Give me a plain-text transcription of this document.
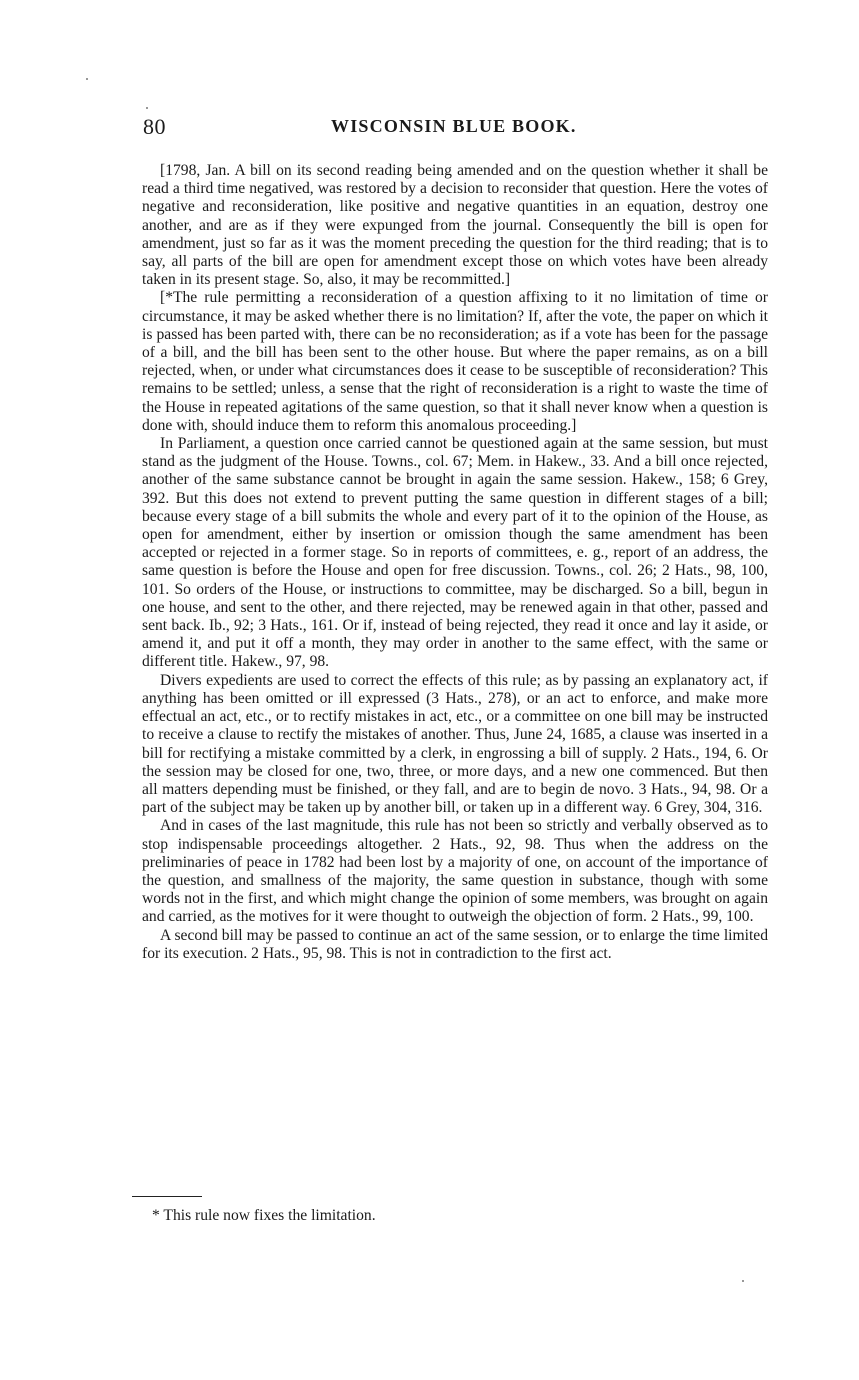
80	WISCONSIN BLUE BOOK.

[1798, Jan. A bill on its second reading being amended and on the question whether it shall be read a third time negatived, was restored by a decision to reconsider that question. Here the votes of negative and reconsideration, like positive and negative quantities in an equation, destroy one another, and are as if they were expunged from the journal. Consequently the bill is open for amendment, just so far as it was the moment preceding the question for the third reading; that is to say, all parts of the bill are open for amendment except those on which votes have been already taken in its present stage. So, also, it may be recommitted.]

[*The rule permitting a reconsideration of a question affixing to it no limitation of time or circumstance, it may be asked whether there is no limitation? If, after the vote, the paper on which it is passed has been parted with, there can be no reconsideration; as if a vote has been for the passage of a bill, and the bill has been sent to the other house. But where the paper remains, as on a bill rejected, when, or under what circumstances does it cease to be susceptible of reconsideration? This remains to be settled; unless, a sense that the right of reconsideration is a right to waste the time of the House in repeated agitations of the same question, so that it shall never know when a question is done with, should induce them to reform this anomalous proceeding.]

In Parliament, a question once carried cannot be questioned again at the same session, but must stand as the judgment of the House. Towns., col. 67; Mem. in Hakew., 33. And a bill once rejected, another of the same substance cannot be brought in again the same session. Hakew., 158; 6 Grey, 392. But this does not extend to prevent putting the same question in different stages of a bill; because every stage of a bill submits the whole and every part of it to the opinion of the House, as open for amendment, either by insertion or omission though the same amendment has been accepted or rejected in a former stage. So in reports of committees, e. g., report of an address, the same question is before the House and open for free discussion. Towns., col. 26; 2 Hats., 98, 100, 101. So orders of the House, or instructions to committee, may be discharged. So a bill, begun in one house, and sent to the other, and there rejected, may be renewed again in that other, passed and sent back. Ib., 92; 3 Hats., 161. Or if, instead of being rejected, they read it once and lay it aside, or amend it, and put it off a month, they may order in another to the same effect, with the same or different title. Hakew., 97, 98.

Divers expedients are used to correct the effects of this rule; as by passing an explanatory act, if anything has been omitted or ill expressed (3 Hats., 278), or an act to enforce, and make more effectual an act, etc., or to rectify mistakes in act, etc., or a committee on one bill may be instructed to receive a clause to rectify the mistakes of another. Thus, June 24, 1685, a clause was inserted in a bill for rectifying a mistake committed by a clerk, in engrossing a bill of supply. 2 Hats., 194, 6. Or the session may be closed for one, two, three, or more days, and a new one commenced. But then all matters depending must be finished, or they fall, and are to begin de novo. 3 Hats., 94, 98. Or a part of the subject may be taken up by another bill, or taken up in a different way. 6 Grey, 304, 316.

And in cases of the last magnitude, this rule has not been so strictly and verbally observed as to stop indispensable proceedings altogether. 2 Hats., 92, 98. Thus when the address on the preliminaries of peace in 1782 had been lost by a majority of one, on account of the importance of the question, and smallness of the majority, the same question in substance, though with some words not in the first, and which might change the opinion of some members, was brought on again and carried, as the motives for it were thought to outweigh the objection of form. 2 Hats., 99, 100.

A second bill may be passed to continue an act of the same session, or to enlarge the time limited for its execution. 2 Hats., 95, 98. This is not in contradiction to the first act.

* This rule now fixes the limitation.
